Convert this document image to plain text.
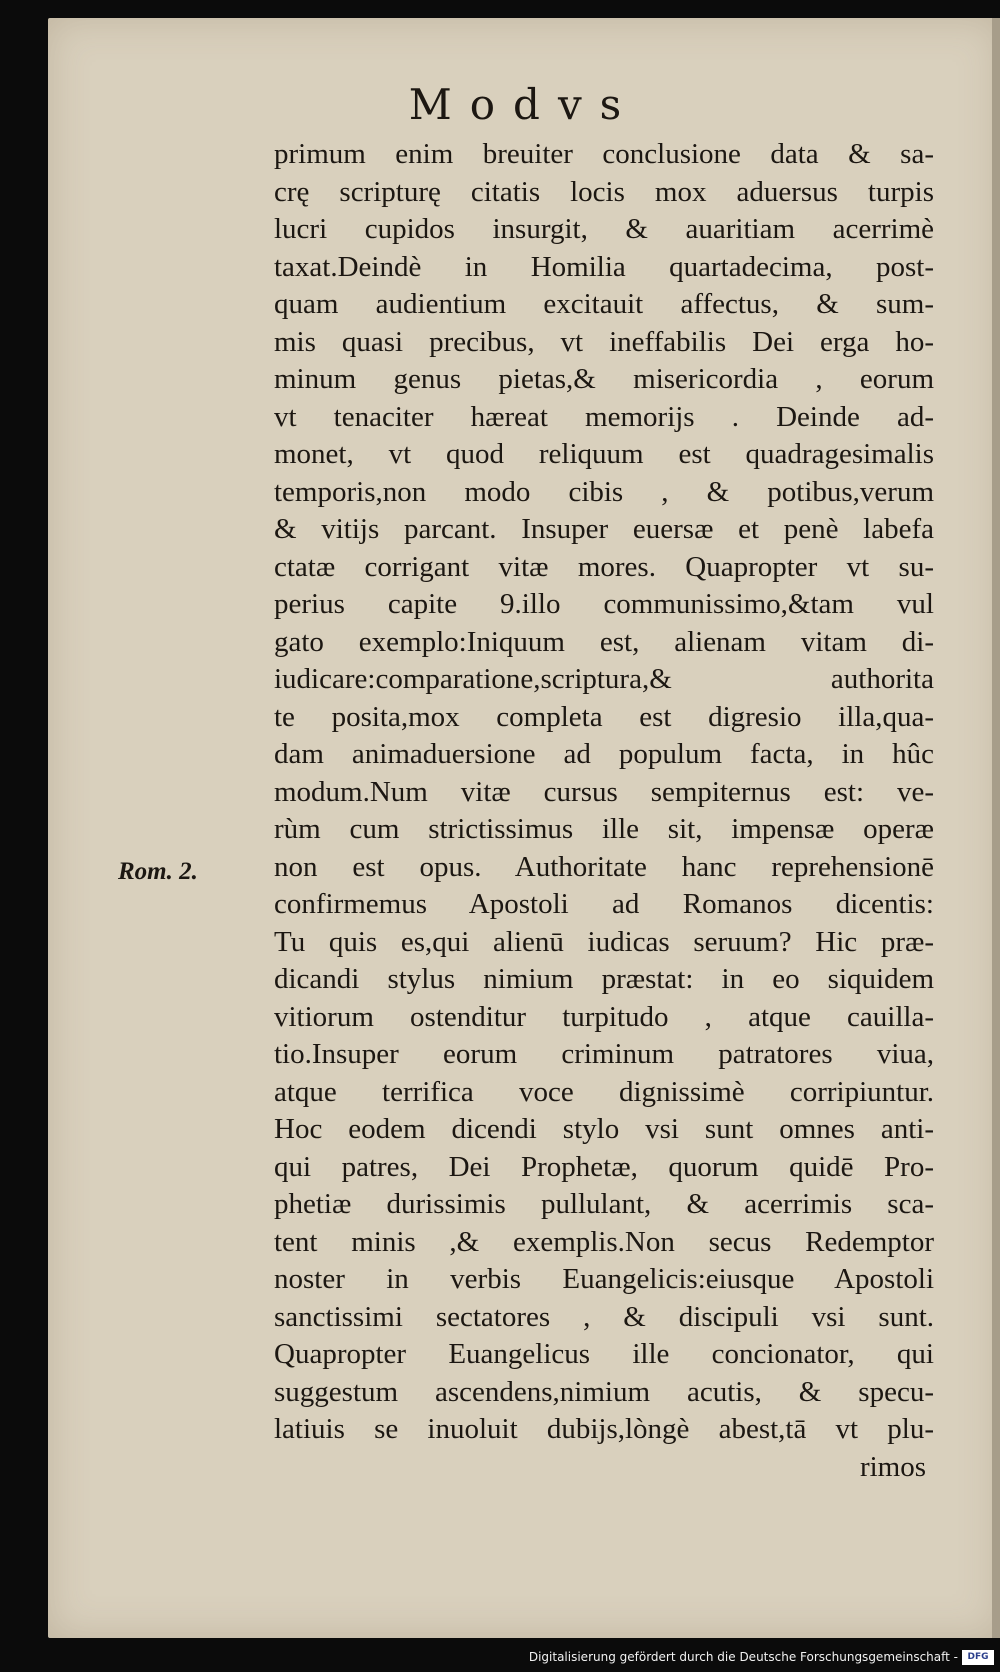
Modvs
Rom. 2.
primum enim breuiter conclusione data & sa-
crę scripturę citatis locis mox aduersus turpis
lucri cupidos insurgit, & auaritiam acerrimè
taxat.Deindè in Homilia quartadecima, post-
quam audientium excitauit affectus, & sum-
mis quasi precibus, vt ineffabilis Dei erga ho-
minum genus pietas,& misericordia , eorum
vt tenaciter hæreat memorijs . Deinde ad-
monet, vt quod reliquum est quadragesimalis
temporis,non modo cibis , & potibus,verum
& vitijs parcant. Insuper euersæ et penè labefa
ctatæ corrigant vitæ mores. Quapropter vt su-
perius capite 9.illo communissimo,&tam vul
gato exemplo:Iniquum est, alienam vitam di-
iudicare:comparatione,scriptura,& authorita
te posita,mox completa est digresio illa,qua-
dam animaduersione ad populum facta, in hûc
modum.Num vitæ cursus sempiternus est: ve-
rùm cum strictissimus ille sit, impensæ operæ
non est opus. Authoritate hanc reprehensionē
confirmemus Apostoli ad Romanos dicentis:
Tu quis es,qui alienū iudicas seruum? Hic præ-
dicandi stylus nimium præstat: in eo siquidem
vitiorum ostenditur turpitudo , atque cauilla-
tio.Insuper eorum criminum patratores viua,
atque terrifica voce dignissimè corripiuntur.
Hoc eodem dicendi stylo vsi sunt omnes anti-
qui patres, Dei Prophetæ, quorum quidē Pro-
phetiæ durissimis pullulant, & acerrimis sca-
tent minis ,& exemplis.Non secus Redemptor
noster in verbis Euangelicis:eiusque Apostoli
sanctissimi sectatores , & discipuli vsi sunt.
Quapropter Euangelicus ille concionator, qui
suggestum ascendens,nimium acutis, & specu-
latiuis se inuoluit dubijs,lòngè abest,tā vt plu-
rimos
Digitalisierung gefördert durch die Deutsche Forschungsgemeinschaft -	DFG
